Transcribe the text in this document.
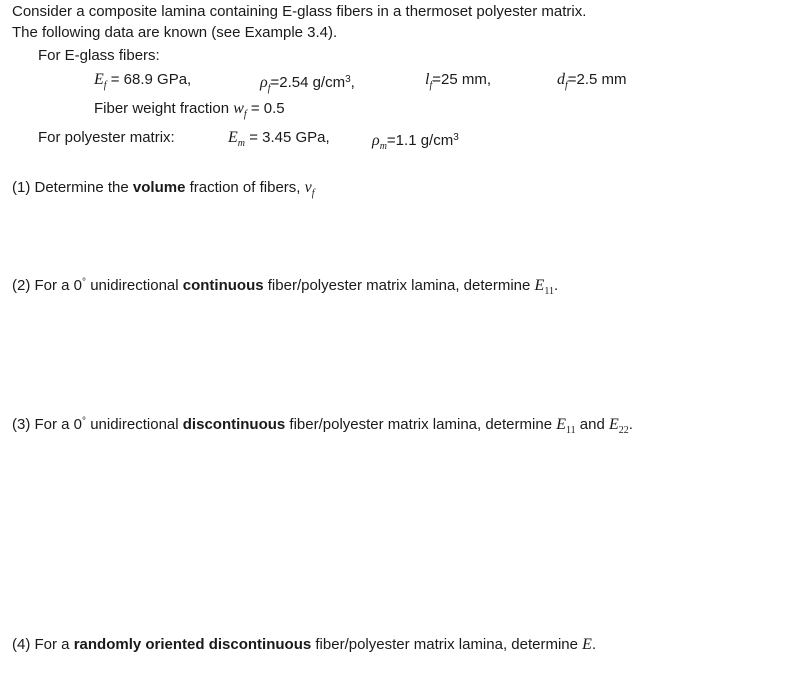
Consider a composite lamina containing E-glass fibers in a thermoset polyester matrix.
The following data are known (see Example 3.4).
For E-glass fibers:
$E_f = 68.9$ GPa,	$\rho_f=2.54$ $g/cm^3$,	$l_f=25$ mm,	$d_f=2.5$ mm
Fiber weight fraction $w_f = 0.5$
For polyester matrix:	$E_m = 3.45$ GPa,	$\rho_m=1.1$ $g/cm^3$
(1) Determine the volume fraction of fibers, $v_f$
(2) For a 0° unidirectional continuous fiber/polyester matrix lamina, determine $E_{11}$.
(3) For a 0° unidirectional discontinuous fiber/polyester matrix lamina, determine $E_{11}$ and $E_{22}$.
(4) For a randomly oriented discontinuous fiber/polyester matrix lamina, determine E.
